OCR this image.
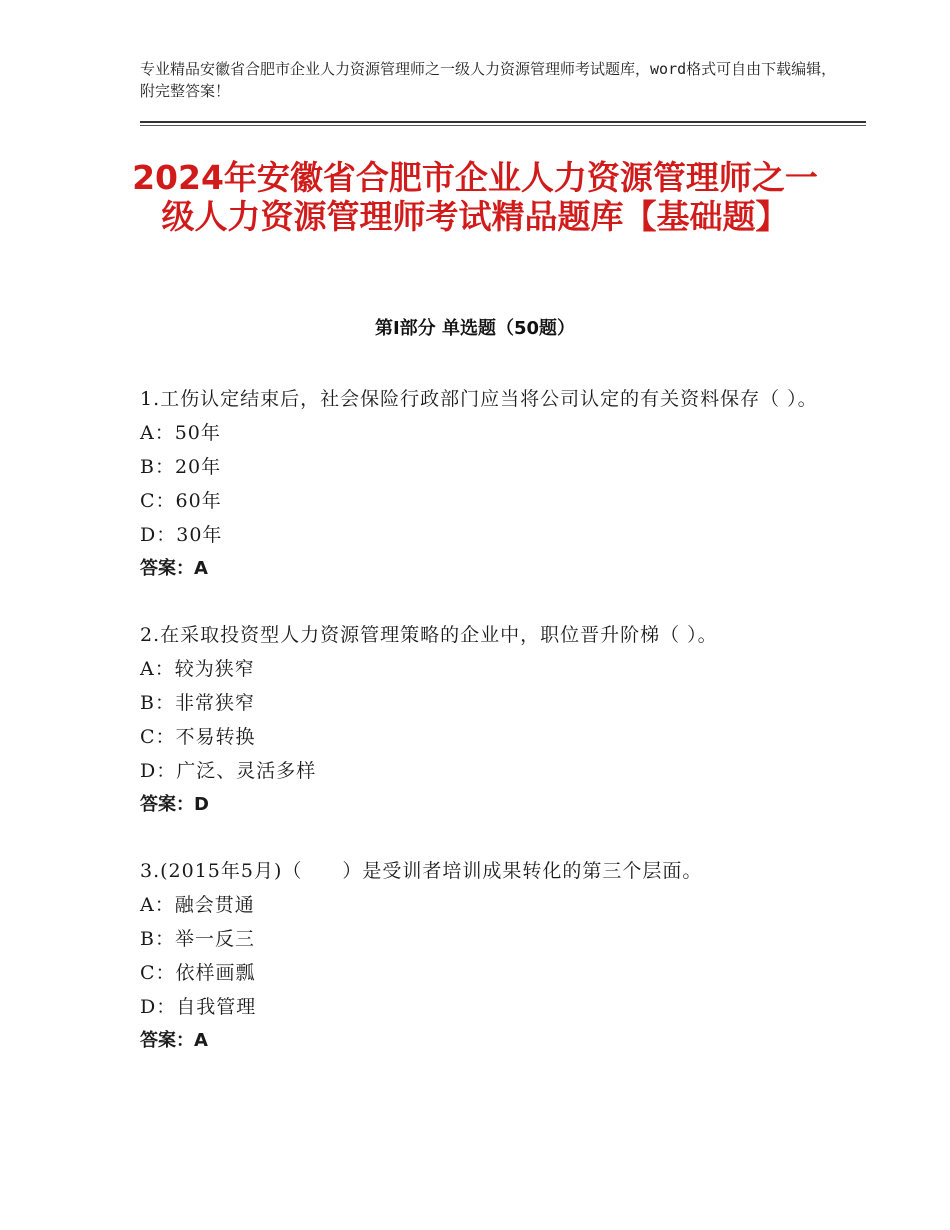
专业精品安徽省合肥市企业人力资源管理师之一级人力资源管理师考试题库，word格式可自由下载编辑，附完整答案！
2024年安徽省合肥市企业人力资源管理师之一级人力资源管理师考试精品题库【基础题】
第Ⅰ部分 单选题（50题）
1.工伤认定结束后，社会保险行政部门应当将公司认定的有关资料保存（ ）。
A：50年
B：20年
C：60年
D：30年
答案：A
2.在采取投资型人力资源管理策略的企业中，职位晋升阶梯（ ）。
A：较为狭窄
B：非常狭窄
C：不易转换
D：广泛、灵活多样
答案：D
3.(2015年5月)（　　）是受训者培训成果转化的第三个层面。
A：融会贯通
B：举一反三
C：依样画瓢
D：自我管理
答案：A
